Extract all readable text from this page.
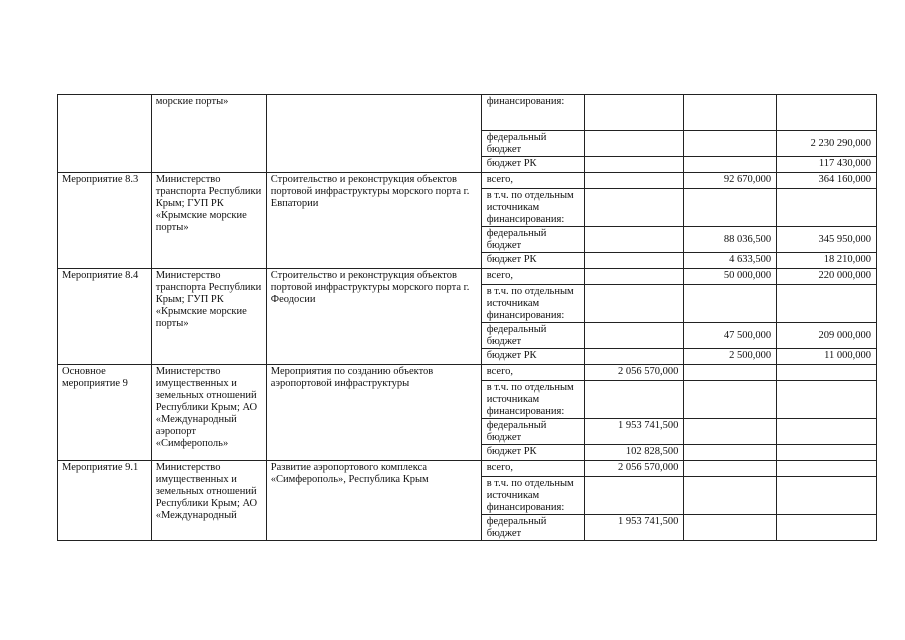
	морские порты»		финансирования:			
			федеральный бюджет			2 230 290,000
			бюджет РК			117 430,000
Мероприятие 8.3	Министерство транспорта Республики Крым; ГУП РК «Крымские морские порты»	Строительство и реконструкция объектов портовой инфраструктуры морского порта г. Евпатории	всего,		92 670,000	364 160,000
			в т.ч. по отдельным источникам финансирования:			
			федеральный бюджет		88 036,500	345 950,000
			бюджет РК		4 633,500	18 210,000
Мероприятие 8.4	Министерство транспорта Республики Крым; ГУП РК «Крымские морские порты»	Строительство и реконструкция объектов портовой инфраструктуры морского порта г. Феодосии	всего,		50 000,000	220 000,000
			в т.ч. по отдельным источникам финансирования:			
			федеральный бюджет		47 500,000	209 000,000
			бюджет РК		2 500,000	11 000,000
Основное мероприятие 9	Министерство имущественных и земельных отношений Республики Крым; АО «Международный аэропорт «Симферополь»	Мероприятия по созданию объектов аэропортовой инфраструктуры	всего,	2 056 570,000		
			в т.ч. по отдельным источникам финансирования:			
			федеральный бюджет	1 953 741,500		
			бюджет РК	102 828,500		
Мероприятие 9.1	Министерство имущественных и земельных отношений Республики Крым; АО «Международный	Развитие аэропортового комплекса «Симферополь», Республика Крым	всего,	2 056 570,000		
			в т.ч. по отдельным источникам финансирования:			
			федеральный бюджет	1 953 741,500		
